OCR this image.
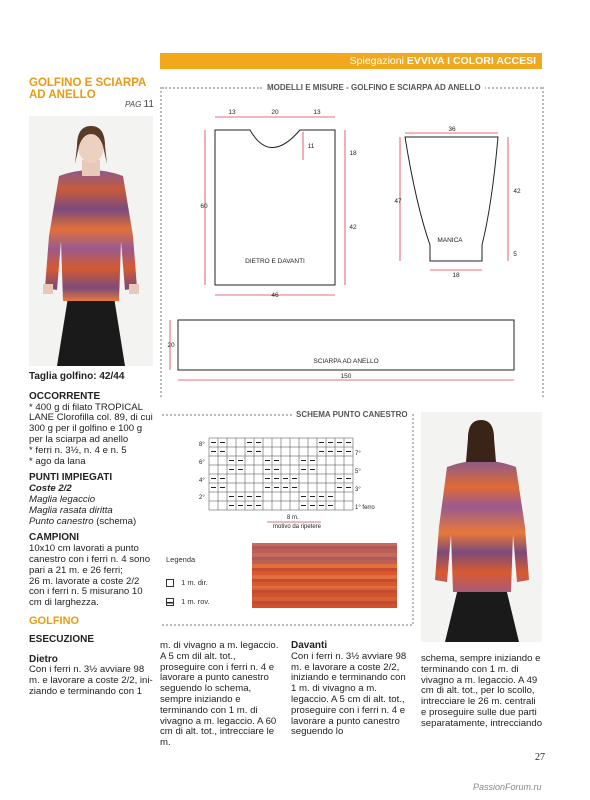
Spiegazioni EVVIVA I COLORI ACCESI
GOLFINO E SCIARPA AD ANELLO
PAG 11
MODELLI E MISURE - GOLFINO E SCIARPA AD ANELLO
13	20	13
11
18
60
42
46
36
47
42
5
18
20
150
DIETRO E DAVANTI
MANICA
SCIARPA AD ANELLO
SCHEMA PUNTO CANESTRO
8°
6°
4°
2°
7°
5°
3°
1° ferro
8 m.
motivo da ripetere
Legenda
1 m. dir.
1 m. rov.

Taglia golfino: 42/44

OCCORRENTE

* 400 g di filato TROPICAL LANE Clorofilla col. 89, di cui 300 g per il golfino e 100 g per la sciarpa ad anello

* ferri n. 3½, n. 4 e n. 5

* ago da lana

PUNTI IMPIEGATI

Coste 2/2

Maglia legaccio

Maglia rasata diritta

Punto canestro (schema)

CAMPIONI

10x10 cm lavorati a punto canestro con i ferri n. 4 sono pari a 21 m. e 26 ferri;

26 m. lavorate a coste 2/2 con i ferri n. 5 misurano 10 cm di larghezza.

GOLFINO

ESECUZIONE

Dietro

Con i ferri n. 3½ avviare 98 m. e lavorare a coste 2/2, iniziando e terminando con 1

m. di vivagno a m. legaccio. A 5 cm dil alt. tot., proseguire con i ferri n. 4 e lavorare a punto canestro seguendo lo schema, sempre iniziando e terminando con 1 m. di vivagno a m. legaccio. A 60 cm di alt. tot., intrecciare le m.

Davanti

Con i ferri n. 3½ avviare 98 m. e lavorare a coste 2/2, iniziando e terminando con 1 m. di vivagno a m. legaccio. A 5 cm di alt. tot., proseguire con i ferri n. 4 e lavorare a punto canestro seguendo lo

schema, sempre iniziando e terminando con 1 m. di vivagno a m. legaccio. A 49 cm di alt. tot., per lo scollo, intrecciare le 26 m. centrali e proseguire sulle due parti separatamente, intrecciando

27
PassionForum.ru
